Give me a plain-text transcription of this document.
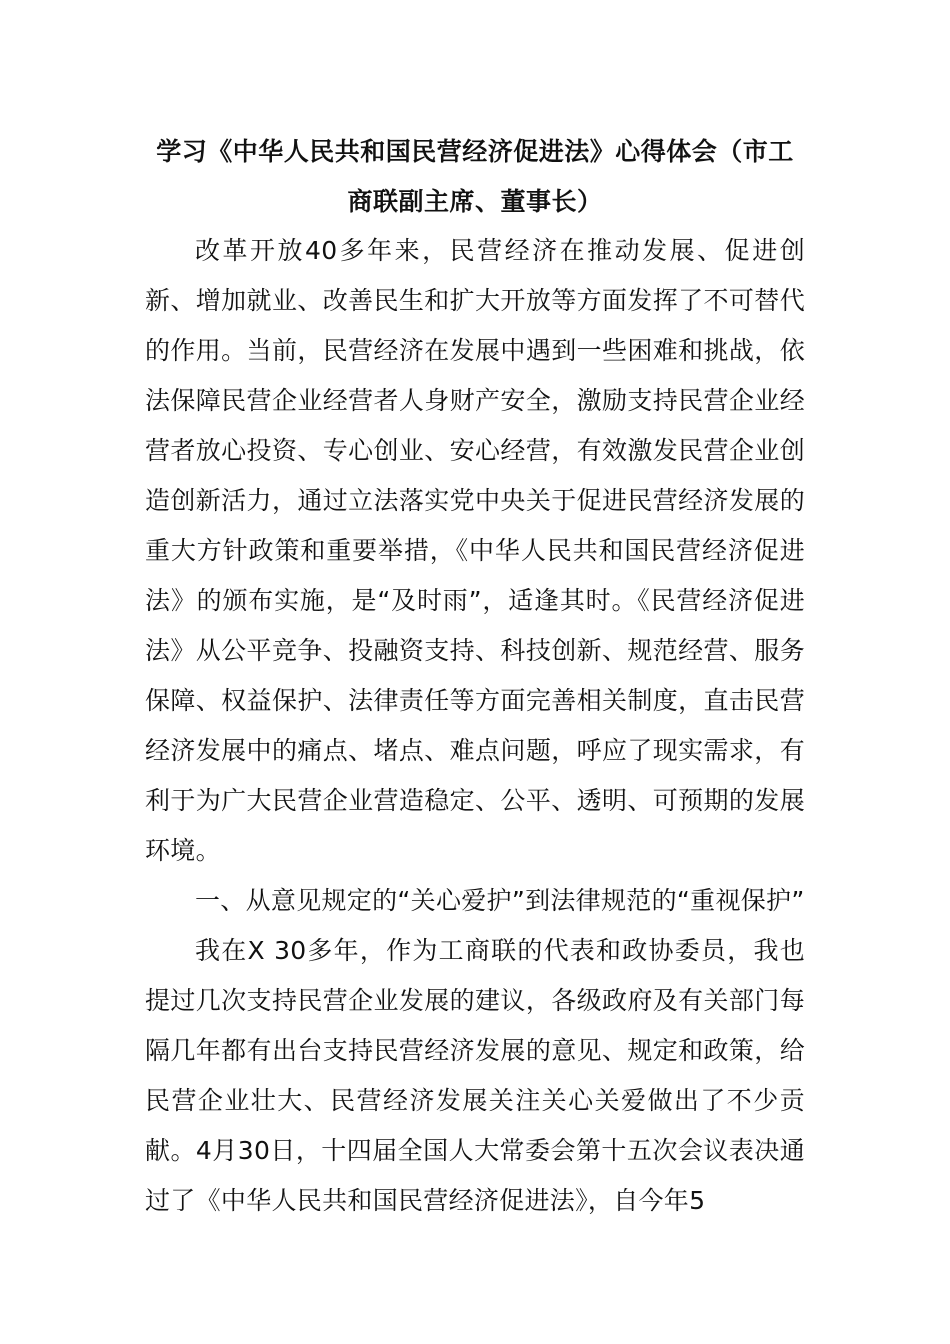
学习《中华人民共和国民营经济促进法》心得体会（市工商联副主席、董事长）

改革开放40多年来，民营经济在推动发展、促进创新、增加就业、改善民生和扩大开放等方面发挥了不可替代的作用。当前，民营经济在发展中遇到一些困难和挑战，依法保障民营企业经营者人身财产安全，激励支持民营企业经营者放心投资、专心创业、安心经营，有效激发民营企业创造创新活力，通过立法落实党中央关于促进民营经济发展的重大方针政策和重要举措，《中华人民共和国民营经济促进法》的颁布实施，是“及时雨”，适逢其时。《民营经济促进法》从公平竞争、投融资支持、科技创新、规范经营、服务保障、权益保护、法律责任等方面完善相关制度，直击民营经济发展中的痛点、堵点、难点问题，呼应了现实需求，有利于为广大民营企业营造稳定、公平、透明、可预期的发展环境。

一、从意见规定的“关心爱护”到法律规范的“重视保护”

我在X 30多年，作为工商联的代表和政协委员，我也提过几次支持民营企业发展的建议，各级政府及有关部门每隔几年都有出台支持民营经济发展的意见、规定和政策，给民营企业壮大、民营经济发展关注关心关爱做出了不少贡献。4月30日，十四届全国人大常委会第十五次会议表决通过了《中华人民共和国民营经济促进法》，自今年5
